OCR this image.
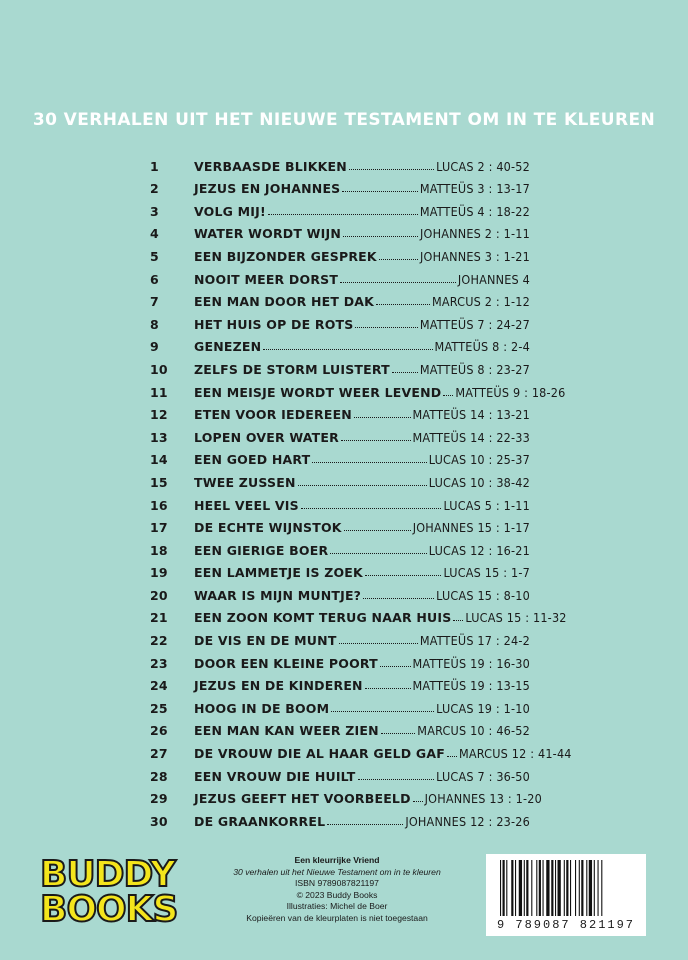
30 VERHALEN UIT HET NIEUWE TESTAMENT OM IN TE KLEUREN
1	VERBAASDE BLIKKEN	LUCAS 2 : 40-52
2	JEZUS EN JOHANNES	MATTEÜS 3 : 13-17
3	VOLG MIJ!	MATTEÜS 4 : 18-22
4	WATER WORDT WIJN	JOHANNES 2 : 1-11
5	EEN BIJZONDER GESPREK	JOHANNES 3 : 1-21
6	NOOIT MEER DORST	JOHANNES 4
7	EEN MAN DOOR HET DAK	MARCUS 2 : 1-12
8	HET HUIS OP DE ROTS	MATTEÜS 7 : 24-27
9	GENEZEN	MATTEÜS 8 : 2-4
10	ZELFS DE STORM LUISTERT MATTEÜS 8 : 23-27
11	EEN MEISJE WORDT WEER LEVEND MATTEÜS 9 : 18-26
12	ETEN VOOR IEDEREEN	MATTEÜS 14 : 13-21
13	LOPEN OVER WATER	MATTEÜS 14 : 22-33
14	EEN GOED HART	LUCAS 10 : 25-37
15	TWEE ZUSSEN	LUCAS 10 : 38-42
16	HEEL VEEL VIS	LUCAS 5 : 1-11
17	DE ECHTE WIJNSTOK	JOHANNES 15 : 1-17
18	EEN GIERIGE BOER	LUCAS 12 : 16-21
19	EEN LAMMETJE IS ZOEK	LUCAS 15 : 1-7
20	WAAR IS MIJN MUNTJE?	LUCAS 15 : 8-10
21	EEN ZOON KOMT TERUG NAAR HUIS LUCAS 15 : 11-32
22	DE VIS EN DE MUNT	MATTEÜS 17 : 24-2
23	DOOR EEN KLEINE POORT	MATTEÜS 19 : 16-30
24	JEZUS EN DE KINDEREN	MATTEÜS 19 : 13-15
25	HOOG IN DE BOOM	LUCAS 19 : 1-10
26	EEN MAN KAN WEER ZIEN	MARCUS 10 : 46-52
27	DE VROUW DIE AL HAAR GELD GAF MARCUS 12 : 41-44
28	EEN VROUW DIE HUILT	LUCAS 7 : 36-50
29	JEZUS GEEFT HET VOORBEELD JOHANNES 13 : 1-20
30	DE GRAANKORREL	JOHANNES 12 : 23-26
BUDDY
BOOKS
Een kleurrijke Vriend
30 verhalen uit het Nieuwe Testament om in te kleuren
ISBN 9789087821197
© 2023 Buddy Books
Illustraties: Michel de Boer
Kopieëren van de kleurplaten is niet toegestaan
9 789087 821197
